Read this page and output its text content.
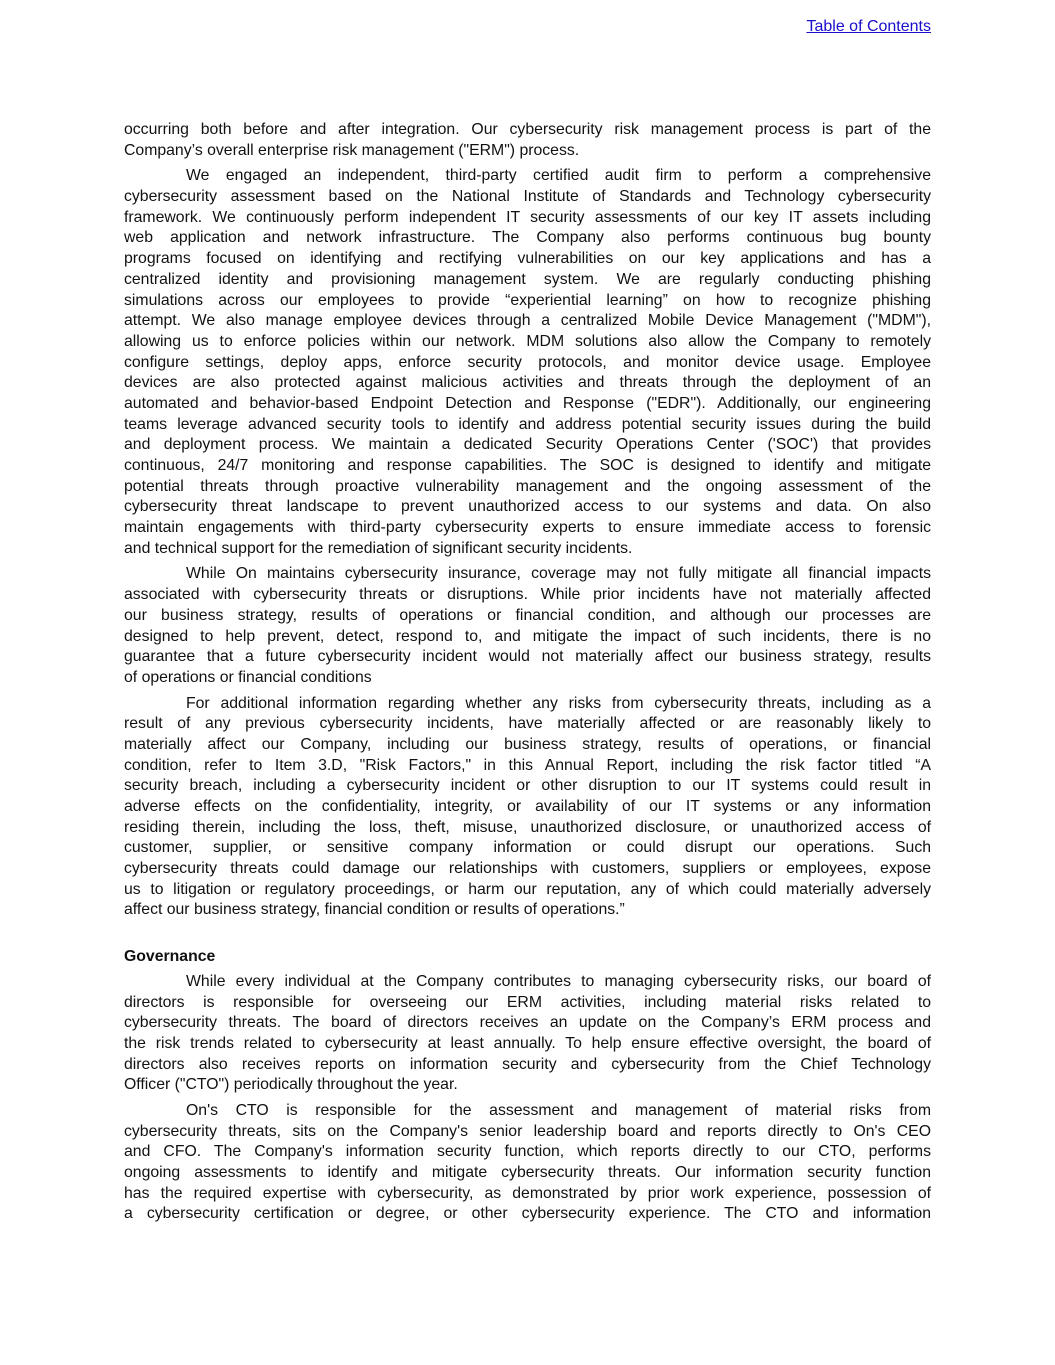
Table of Contents
occurring both before and after integration. Our cybersecurity risk management process is part of the
Company’s overall enterprise risk management ("ERM") process.
We engaged an independent, third-party certified audit firm to perform a comprehensive
cybersecurity assessment based on the National Institute of Standards and Technology cybersecurity
framework. We continuously perform independent IT security assessments of our key IT assets including
web application and network infrastructure. The Company also performs continuous bug bounty
programs focused on identifying and rectifying vulnerabilities on our key applications and has a
centralized identity and provisioning management system. We are regularly conducting phishing
simulations across our employees to provide “experiential learning” on how to recognize phishing
attempt. We also manage employee devices through a centralized Mobile Device Management ("MDM"),
allowing us to enforce policies within our network. MDM solutions also allow the Company to remotely
configure settings, deploy apps, enforce security protocols, and monitor device usage. Employee
devices are also protected against malicious activities and threats through the deployment of an
automated and behavior-based Endpoint Detection and Response ("EDR"). Additionally, our engineering
teams leverage advanced security tools to identify and address potential security issues during the build
and deployment process. We maintain a dedicated Security Operations Center ('SOC') that provides
continuous, 24/7 monitoring and response capabilities. The SOC is designed to identify and mitigate
potential threats through proactive vulnerability management and the ongoing assessment of the
cybersecurity threat landscape to prevent unauthorized access to our systems and data. On also
maintain engagements with third-party cybersecurity experts to ensure immediate access to forensic
and technical support for the remediation of significant security incidents.
While On maintains cybersecurity insurance, coverage may not fully mitigate all financial impacts
associated with cybersecurity threats or disruptions. While prior incidents have not materially affected
our business strategy, results of operations or financial condition, and although our processes are
designed to help prevent, detect, respond to, and mitigate the impact of such incidents, there is no
guarantee that a future cybersecurity incident would not materially affect our business strategy, results
of operations or financial conditions
For additional information regarding whether any risks from cybersecurity threats, including as a
result of any previous cybersecurity incidents, have materially affected or are reasonably likely to
materially affect our Company, including our business strategy, results of operations, or financial
condition, refer to Item 3.D, "Risk Factors," in this Annual Report, including the risk factor titled “A
security breach, including a cybersecurity incident or other disruption to our IT systems could result in
adverse effects on the confidentiality, integrity, or availability of our IT systems or any information
residing therein, including the loss, theft, misuse, unauthorized disclosure, or unauthorized access of
customer, supplier, or sensitive company information or could disrupt our operations. Such
cybersecurity threats could damage our relationships with customers, suppliers or employees, expose
us to litigation or regulatory proceedings, or harm our reputation, any of which could materially adversely
affect our business strategy, financial condition or results of operations.”
Governance
While every individual at the Company contributes to managing cybersecurity risks, our board of
directors is responsible for overseeing our ERM activities, including material risks related to
cybersecurity threats. The board of directors receives an update on the Company’s ERM process and
the risk trends related to cybersecurity at least annually. To help ensure effective oversight, the board of
directors also receives reports on information security and cybersecurity from the Chief Technology
Officer ("CTO") periodically throughout the year.
On's CTO is responsible for the assessment and management of material risks from
cybersecurity threats, sits on the Company's senior leadership board and reports directly to On's CEO
and CFO. The Company's information security function, which reports directly to our CTO, performs
ongoing assessments to identify and mitigate cybersecurity threats. Our information security function
has the required expertise with cybersecurity, as demonstrated by prior work experience, possession of
a cybersecurity certification or degree, or other cybersecurity experience. The CTO and information
